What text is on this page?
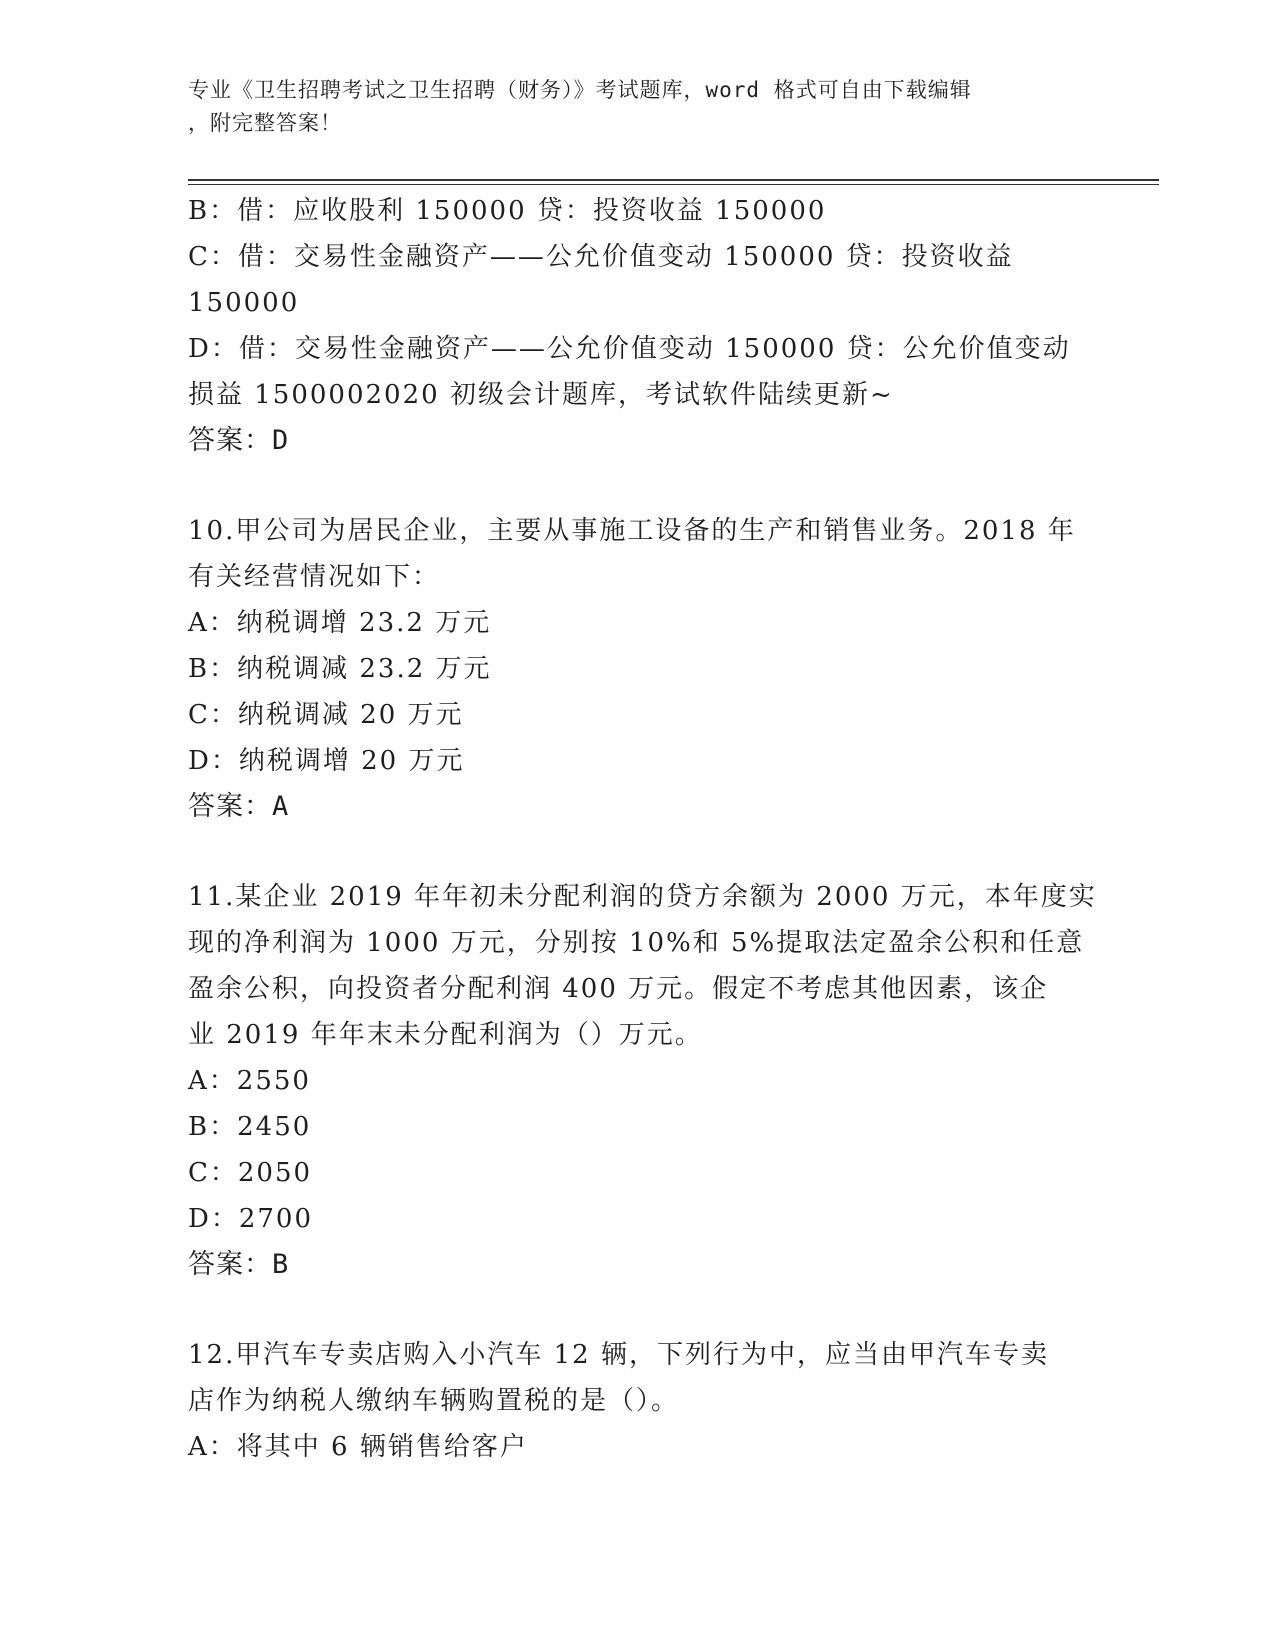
专业《卫生招聘考试之卫生招聘（财务）》考试题库，word 格式可自由下载编辑
，附完整答案！
B：借：应收股利 150000 贷：投资收益 150000
C：借：交易性金融资产——公允价值变动 150000 贷：投资收益
150000
D：借：交易性金融资产——公允价值变动 150000 贷：公允价值变动
损益 1500002020 初级会计题库，考试软件陆续更新~
答案：D
10.甲公司为居民企业，主要从事施工设备的生产和销售业务。2018 年
有关经营情况如下：
A：纳税调增 23.2 万元
B：纳税调减 23.2 万元
C：纳税调减 20 万元
D：纳税调增 20 万元
答案：A
11.某企业 2019 年年初未分配利润的贷方余额为 2000 万元，本年度实
现的净利润为 1000 万元，分别按 10%和 5%提取法定盈余公积和任意
盈余公积，向投资者分配利润 400 万元。假定不考虑其他因素，该企
业 2019 年年末未分配利润为（）万元。
A：2550
B：2450
C：2050
D：2700
答案：B
12.甲汽车专卖店购入小汽车 12 辆，下列行为中，应当由甲汽车专卖
店作为纳税人缴纳车辆购置税的是（）。
A：将其中 6 辆销售给客户
